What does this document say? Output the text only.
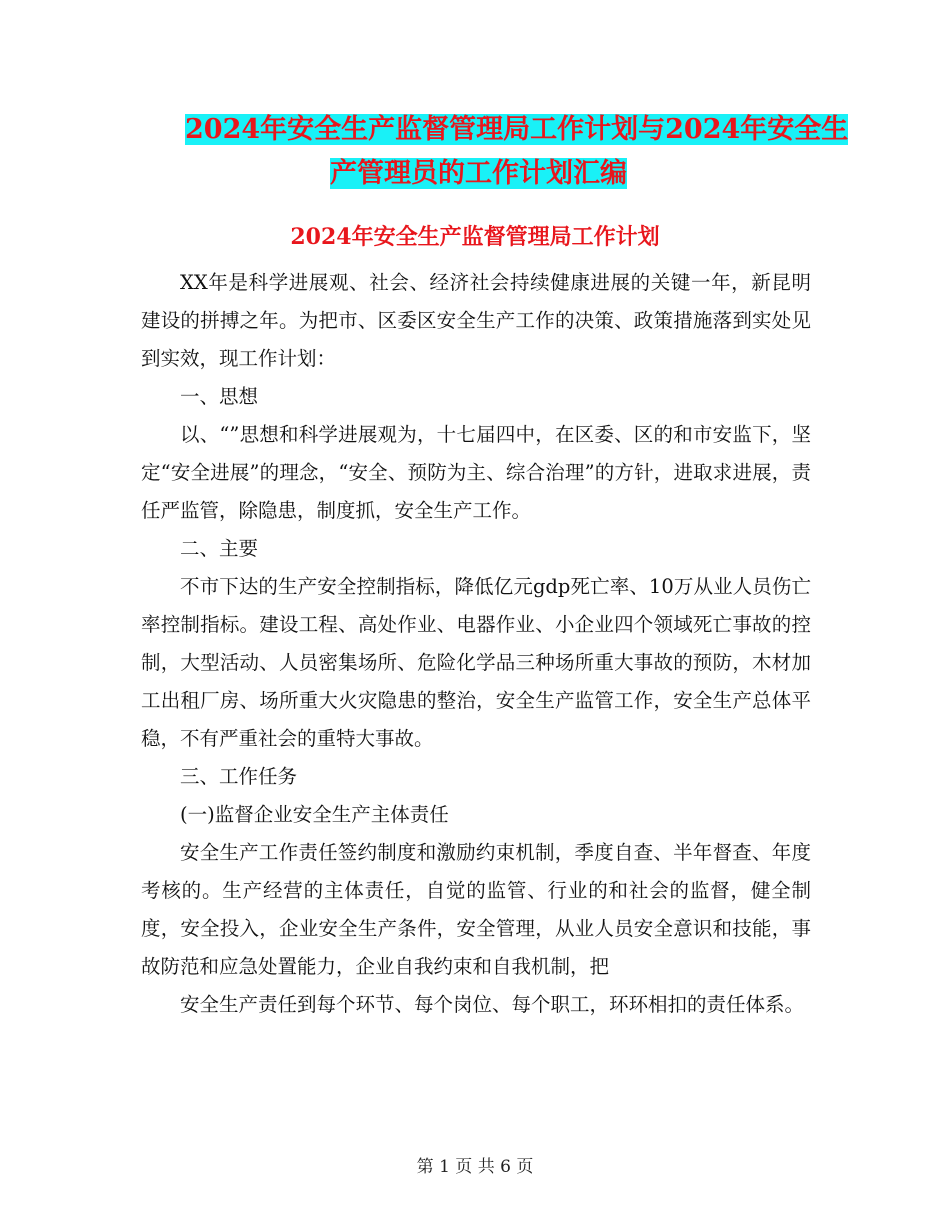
2024年安全生产监督管理局工作计划与2024年安全生
产管理员的工作计划汇编
2024年安全生产监督管理局工作计划

XX年是科学进展观、社会、经济社会持续健康进展的关键一年，新昆明建设的拼搏之年。为把市、区委区安全生产工作的决策、政策措施落到实处见到实效，现工作计划：

一、思想

以、“”思想和科学进展观为，十七届四中，在区委、区的和市安监下，坚定“安全进展”的理念，“安全、预防为主、综合治理”的方针，进取求进展，责任严监管，除隐患，制度抓，安全生产工作。

二、主要

不市下达的生产安全控制指标，降低亿元gdp死亡率、10万从业人员伤亡率控制指标。建设工程、高处作业、电器作业、小企业四个领域死亡事故的控制，大型活动、人员密集场所、危险化学品三种场所重大事故的预防，木材加工出租厂房、场所重大火灾隐患的整治，安全生产监管工作，安全生产总体平稳，不有严重社会的重特大事故。

三、工作任务

(一)监督企业安全生产主体责任

安全生产工作责任签约制度和激励约束机制，季度自查、半年督查、年度考核的。生产经营的主体责任，自觉的监管、行业的和社会的监督，健全制度，安全投入，企业安全生产条件，安全管理，从业人员安全意识和技能，事故防范和应急处置能力，企业自我约束和自我机制，把

安全生产责任到每个环节、每个岗位、每个职工，环环相扣的责任体系。

第 1 页 共 6 页
